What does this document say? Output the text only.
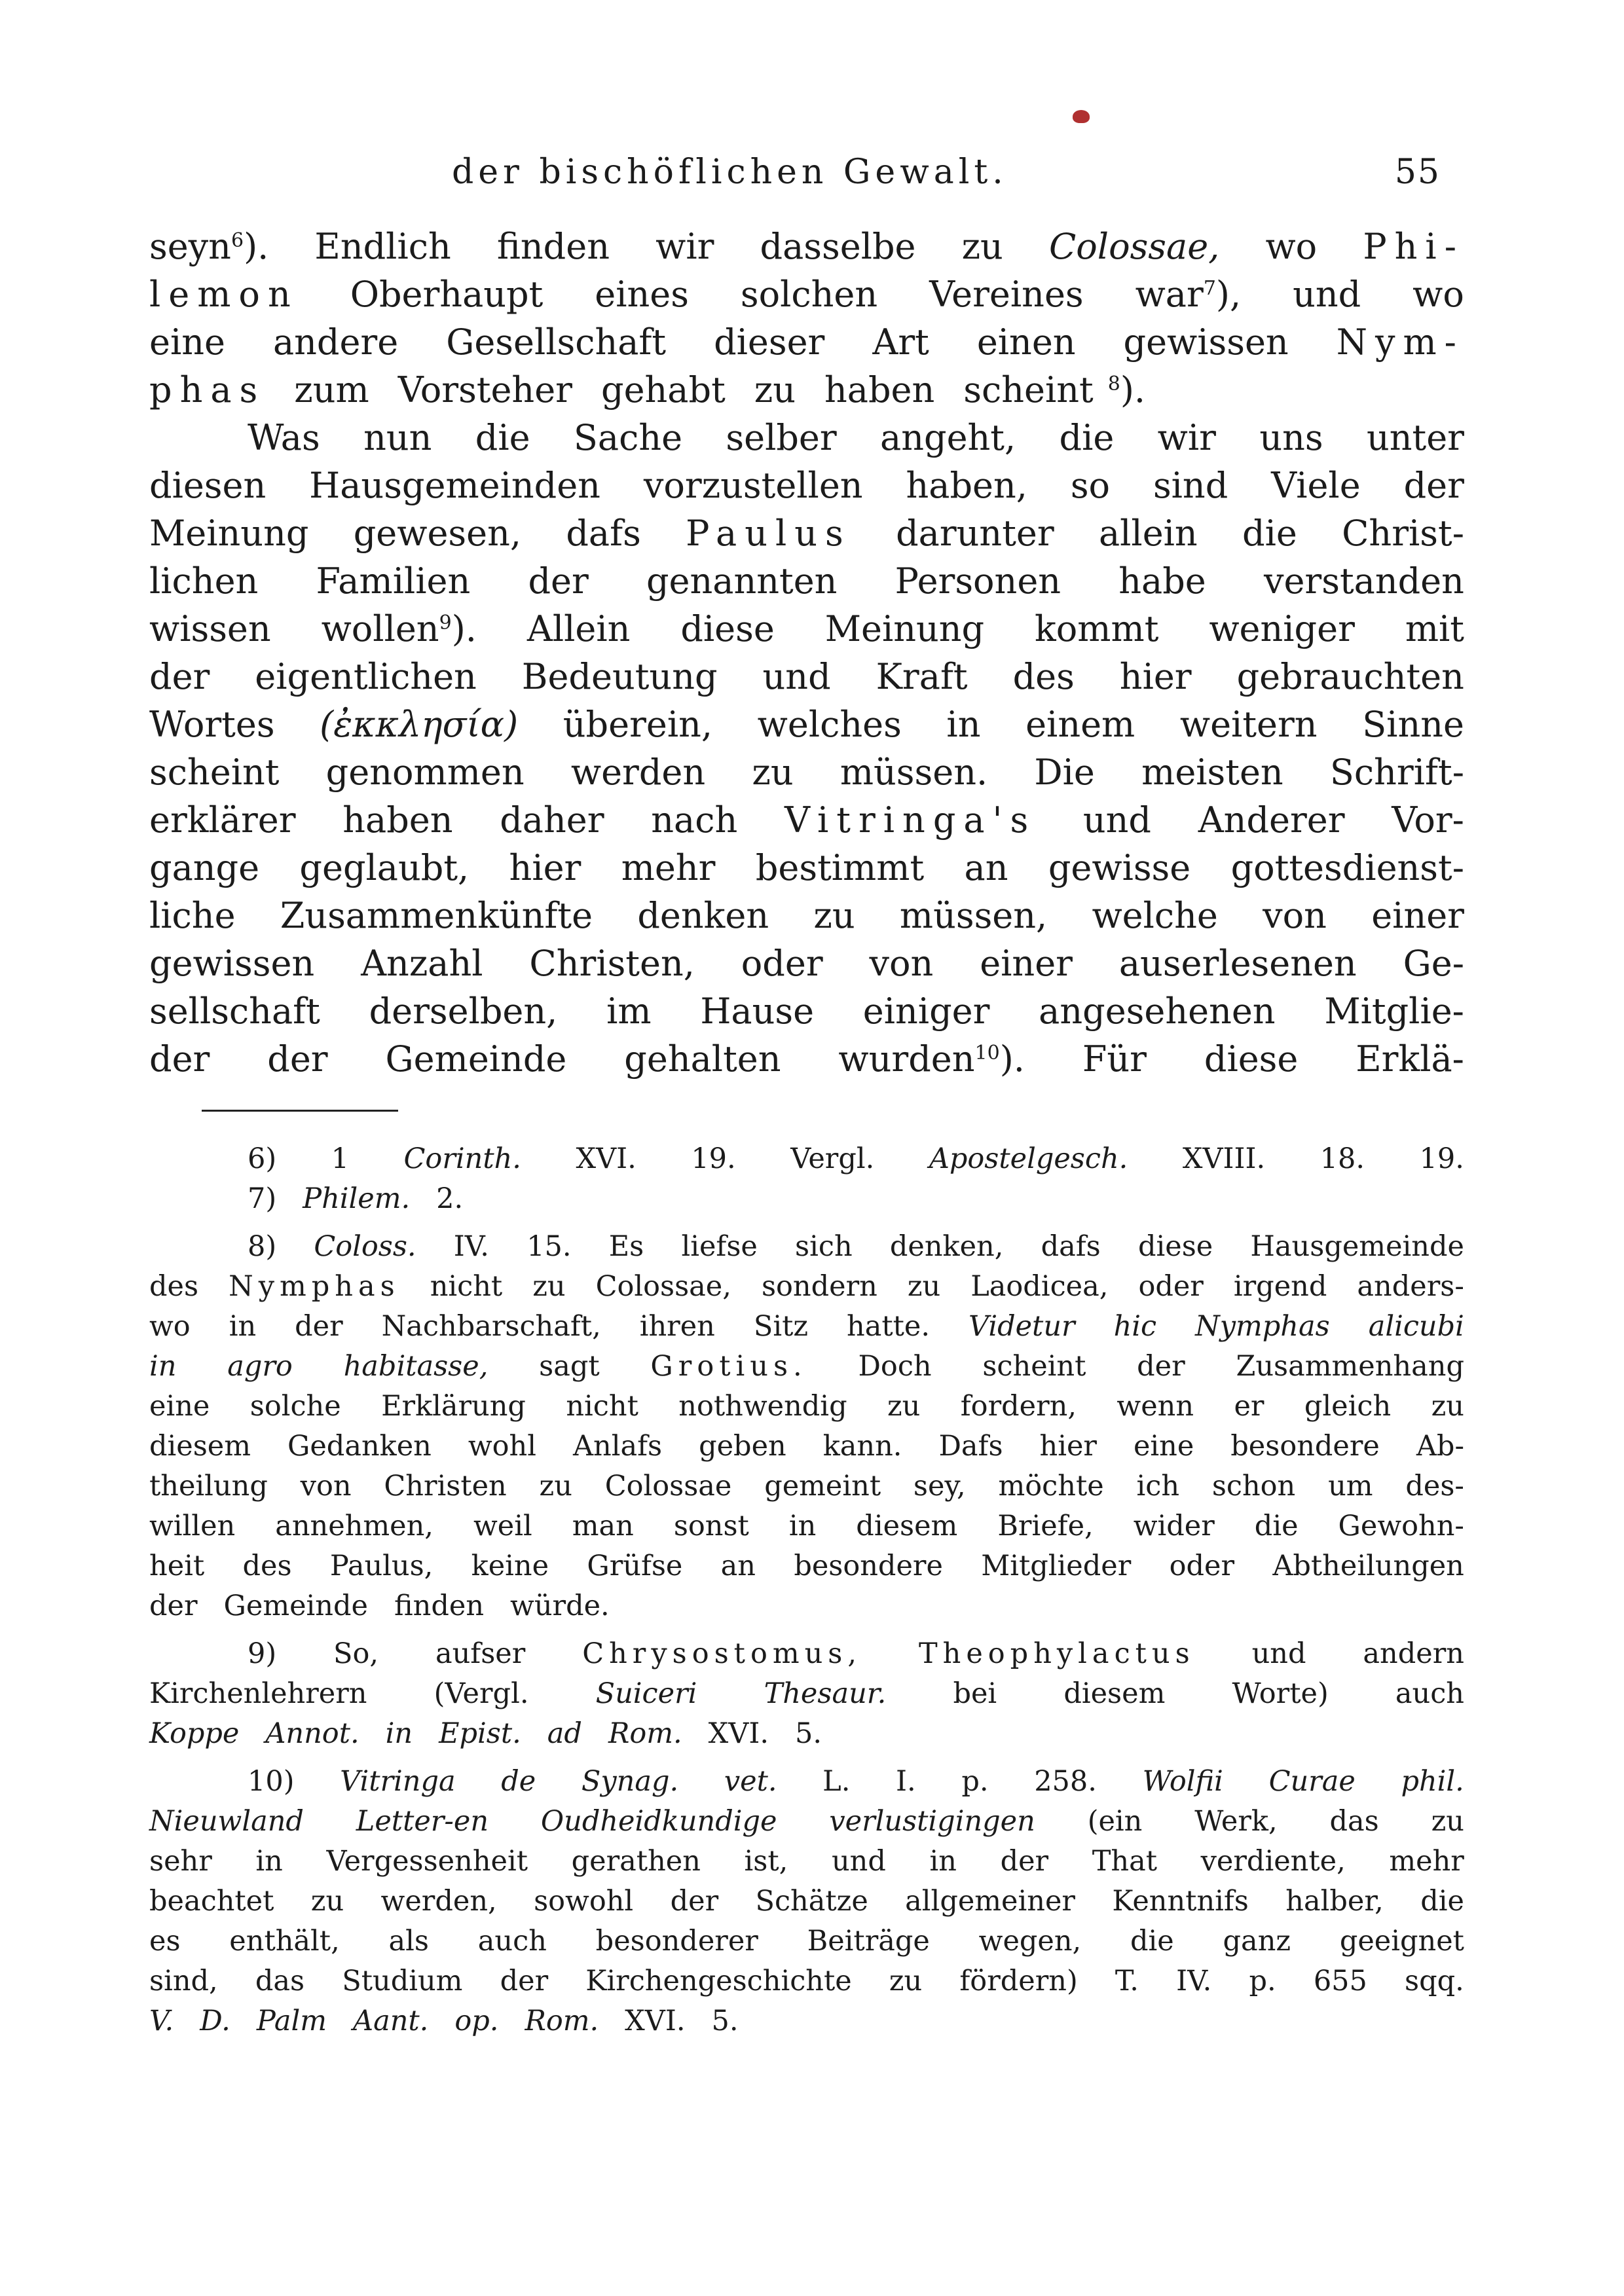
der bischöflichen Gewalt.	55
seyn$^6$). Endlich finden wir dasselbe zu Colossae, wo Phi-
lemon Oberhaupt eines solchen Vereines war$^7$), und wo
eine andere Gesellschaft dieser Art einen gewissen Nym-
phas zum Vorsteher gehabt zu haben scheint $^8$).
Was nun die Sache selber angeht, die wir uns unter
diesen Hausgemeinden vorzustellen haben, so sind Viele der
Meinung gewesen, dafs Paulus darunter allein die Christ-
lichen Familien der genannten Personen habe verstanden
wissen wollen$^9$). Allein diese Meinung kommt weniger mit
der eigentlichen Bedeutung und Kraft des hier gebrauchten
Wortes (ἐκκλησία) überein, welches in einem weitern Sinne
scheint genommen werden zu müssen. Die meisten Schrift-
erklärer haben daher nach Vitringa's und Anderer Vor-
gange geglaubt, hier mehr bestimmt an gewisse gottesdienst-
liche Zusammenkünfte denken zu müssen, welche von einer
gewissen Anzahl Christen, oder von einer auserlesenen Ge-
sellschaft derselben, im Hause einiger angesehenen Mitglie-
der der Gemeinde gehalten wurden$^{10}$). Für diese Erklä-
6) 1 Corinth. XVI. 19. Vergl. Apostelgesch. XVIII. 18. 19.
7) Philem. 2.
8) Coloss. IV. 15. Es liefse sich denken, dafs diese Hausgemeinde
des Nymphas nicht zu Colossae, sondern zu Laodicea, oder irgend anders-
wo in der Nachbarschaft, ihren Sitz hatte. Videtur hic Nymphas alicubi
in agro habitasse, sagt Grotius. Doch scheint der Zusammenhang
eine solche Erklärung nicht nothwendig zu fordern, wenn er gleich zu
diesem Gedanken wohl Anlafs geben kann. Dafs hier eine besondere Ab-
theilung von Christen zu Colossae gemeint sey, möchte ich schon um des-
willen annehmen, weil man sonst in diesem Briefe, wider die Gewohn-
heit des Paulus, keine Grüfse an besondere Mitglieder oder Abtheilungen
der Gemeinde finden würde.
9) So, aufser Chrysostomus, Theophylactus und andern
Kirchenlehrern (Vergl. Suiceri Thesaur. bei diesem Worte) auch
Koppe Annot. in Epist. ad Rom. XVI. 5.
10) Vitringa de Synag. vet. L. I. p. 258. Wolfii Curae phil.
Nieuwland Letter-en Oudheidkundige verlustigingen (ein Werk, das zu
sehr in Vergessenheit gerathen ist, und in der That verdiente, mehr
beachtet zu werden, sowohl der Schätze allgemeiner Kenntnifs halber, die
es enthält, als auch besonderer Beiträge wegen, die ganz geeignet
sind, das Studium der Kirchengeschichte zu fördern) T. IV. p. 655 sqq.
V. D. Palm Aant. op. Rom. XVI. 5.
